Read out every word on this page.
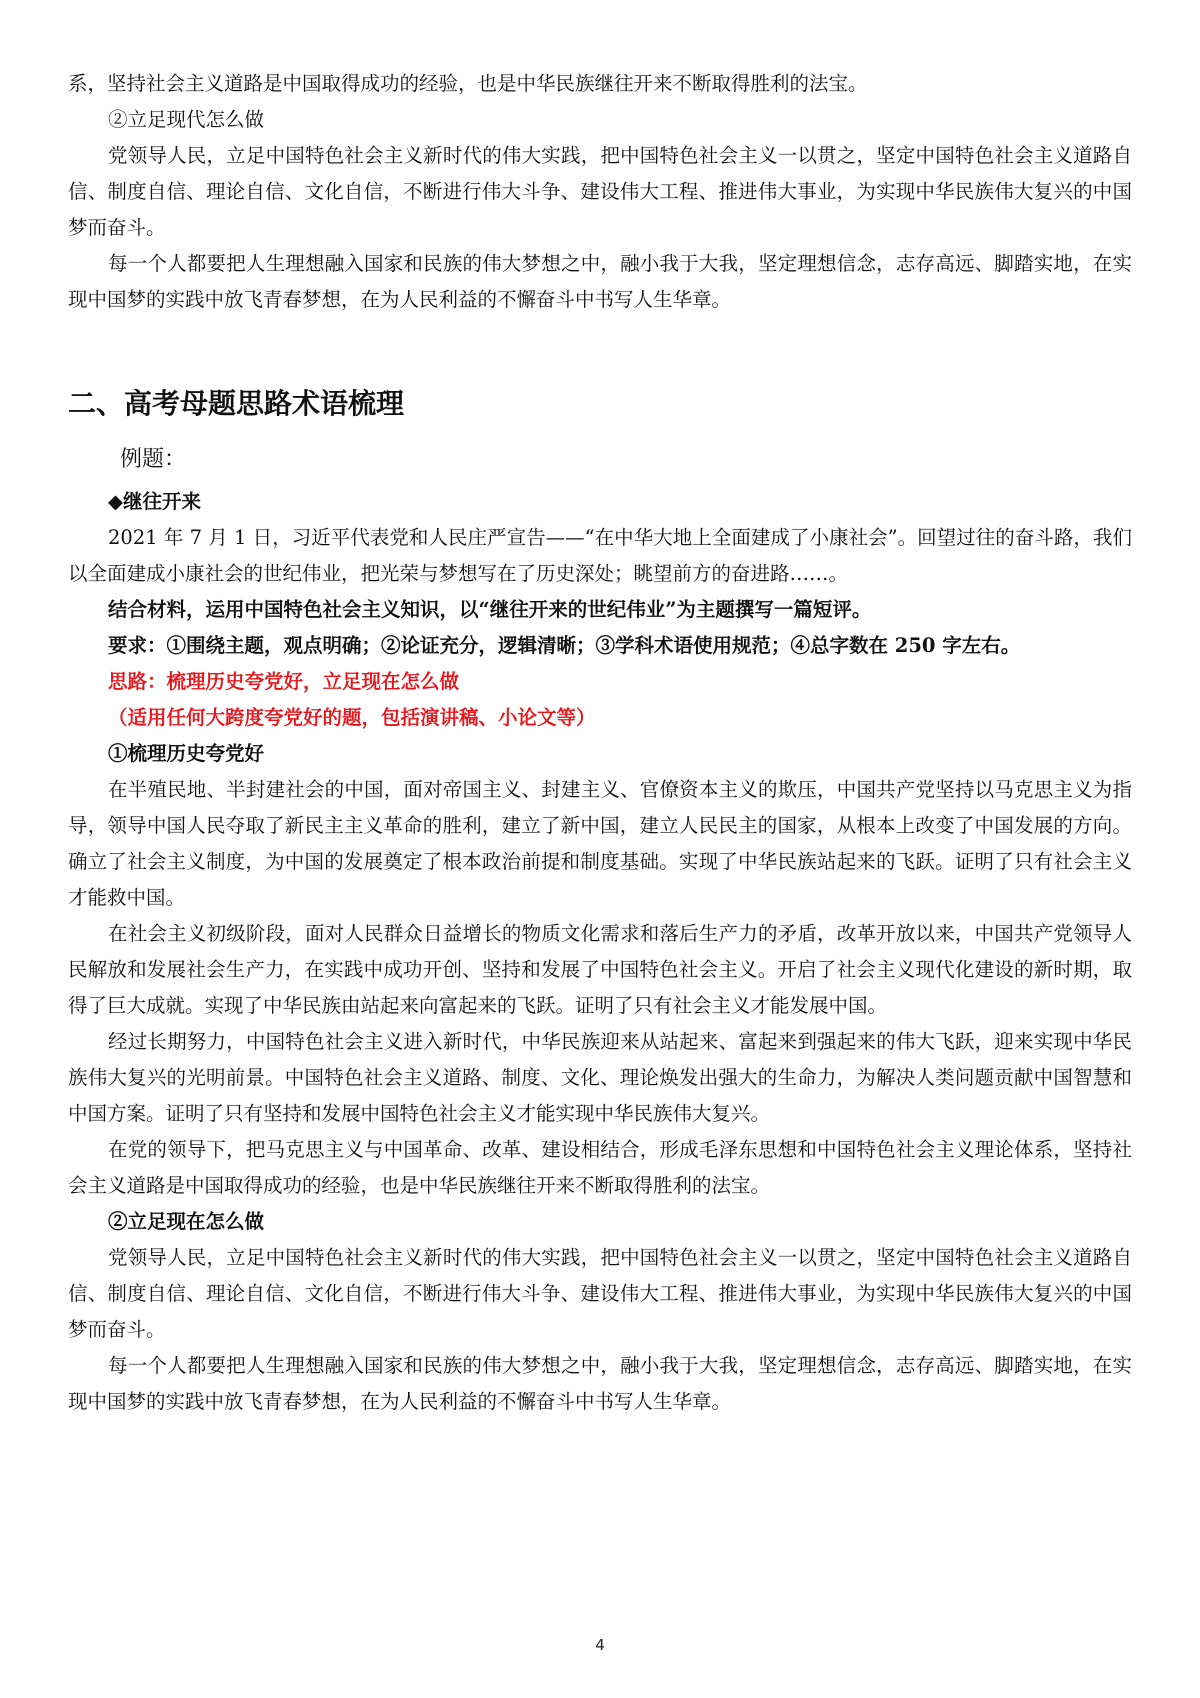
系，坚持社会主义道路是中国取得成功的经验，也是中华民族继往开来不断取得胜利的法宝。

②立足现代怎么做

党领导人民，立足中国特色社会主义新时代的伟大实践，把中国特色社会主义一以贯之，坚定中国特色社会主义道路自信、制度自信、理论自信、文化自信，不断进行伟大斗争、建设伟大工程、推进伟大事业，为实现中华民族伟大复兴的中国梦而奋斗。

每一个人都要把人生理想融入国家和民族的伟大梦想之中，融小我于大我，坚定理想信念，志存高远、脚踏实地，在实现中国梦的实践中放飞青春梦想，在为人民利益的不懈奋斗中书写人生华章。

二、高考母题思路术语梳理
例题：

◆继往开来

2021 年 7 月 1 日，习近平代表党和人民庄严宣告——“在中华大地上全面建成了小康社会”。回望过往的奋斗路，我们以全面建成小康社会的世纪伟业，把光荣与梦想写在了历史深处；眺望前方的奋进路……。

结合材料，运用中国特色社会主义知识，以“继往开来的世纪伟业”为主题撰写一篇短评。

要求：①围绕主题，观点明确；②论证充分，逻辑清晰；③学科术语使用规范；④总字数在 250 字左右。

思路：梳理历史夸党好，立足现在怎么做

（适用任何大跨度夸党好的题，包括演讲稿、小论文等）

①梳理历史夸党好

在半殖民地、半封建社会的中国，面对帝国主义、封建主义、官僚资本主义的欺压，中国共产党坚持以马克思主义为指导，领导中国人民夺取了新民主主义革命的胜利，建立了新中国，建立人民民主的国家，从根本上改变了中国发展的方向。确立了社会主义制度，为中国的发展奠定了根本政治前提和制度基础。实现了中华民族站起来的飞跃。证明了只有社会主义才能救中国。

在社会主义初级阶段，面对人民群众日益增长的物质文化需求和落后生产力的矛盾，改革开放以来，中国共产党领导人民解放和发展社会生产力，在实践中成功开创、坚持和发展了中国特色社会主义。开启了社会主义现代化建设的新时期，取得了巨大成就。实现了中华民族由站起来向富起来的飞跃。证明了只有社会主义才能发展中国。

经过长期努力，中国特色社会主义进入新时代，中华民族迎来从站起来、富起来到强起来的伟大飞跃，迎来实现中华民族伟大复兴的光明前景。中国特色社会主义道路、制度、文化、理论焕发出强大的生命力，为解决人类问题贡献中国智慧和中国方案。证明了只有坚持和发展中国特色社会主义才能实现中华民族伟大复兴。

在党的领导下，把马克思主义与中国革命、改革、建设相结合，形成毛泽东思想和中国特色社会主义理论体系，坚持社会主义道路是中国取得成功的经验，也是中华民族继往开来不断取得胜利的法宝。

②立足现在怎么做

党领导人民，立足中国特色社会主义新时代的伟大实践，把中国特色社会主义一以贯之，坚定中国特色社会主义道路自信、制度自信、理论自信、文化自信，不断进行伟大斗争、建设伟大工程、推进伟大事业，为实现中华民族伟大复兴的中国梦而奋斗。

每一个人都要把人生理想融入国家和民族的伟大梦想之中，融小我于大我，坚定理想信念，志存高远、脚踏实地，在实现中国梦的实践中放飞青春梦想，在为人民利益的不懈奋斗中书写人生华章。

4
